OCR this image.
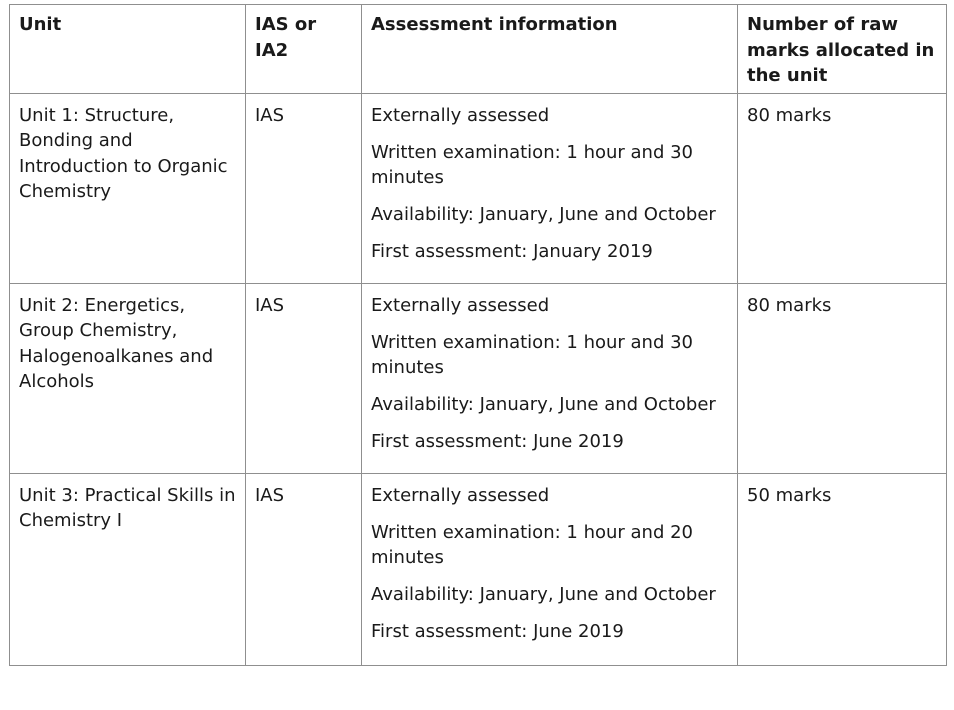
Unit	IAS or IA2	Assessment information	Number of raw marks allocated in the unit
Unit 1: Structure, Bonding and Introduction to Organic Chemistry	IAS	Externally assessed
Written examination: 1 hour and 30 minutes
Availability: January, June and October
First assessment: January 2019	80 marks
Unit 2: Energetics, Group Chemistry, Halogenoalkanes and Alcohols	IAS	Externally assessed
Written examination: 1 hour and 30 minutes
Availability: January, June and October
First assessment: June 2019	80 marks
Unit 3: Practical Skills in Chemistry I	IAS	Externally assessed
Written examination: 1 hour and 20 minutes
Availability: January, June and October
First assessment: June 2019	50 marks
